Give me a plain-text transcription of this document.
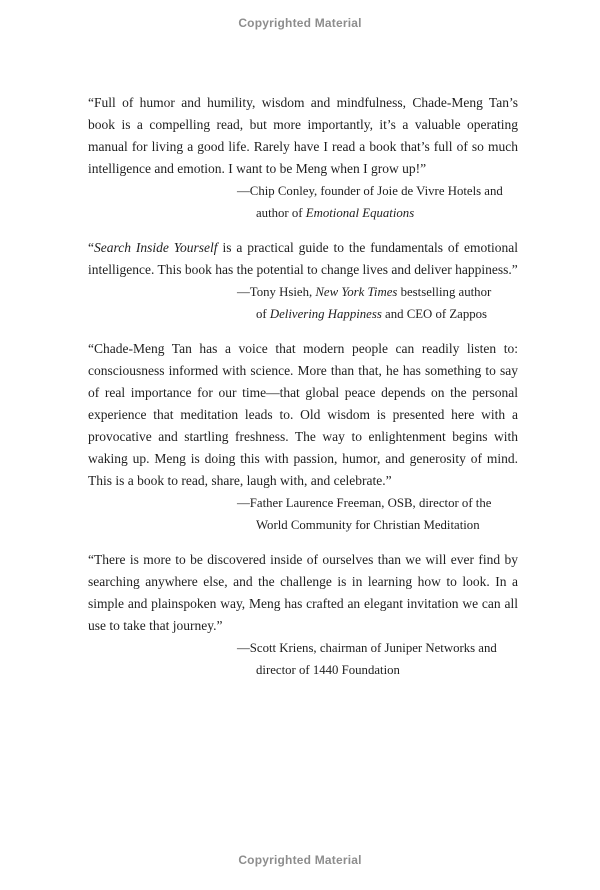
Copyrighted Material

“Full of humor and humility, wisdom and mindfulness, Chade-Meng Tan’s book is a compelling read, but more importantly, it’s a valuable operating manual for living a good life. Rarely have I read a book that’s full of so much intelligence and emotion. I want to be Meng when I grow up!”

—Chip Conley, founder of Joie de Vivre Hotels and
author of Emotional Equations

“Search Inside Yourself is a practical guide to the fundamentals of emotional intelligence. This book has the potential to change lives and deliver happiness.”

—Tony Hsieh, New York Times bestselling author
of Delivering Happiness and CEO of Zappos

“Chade-Meng Tan has a voice that modern people can readily listen to: consciousness informed with science. More than that, he has something to say of real importance for our time—that global peace depends on the personal experience that meditation leads to. Old wisdom is presented here with a provocative and startling freshness. The way to enlightenment begins with waking up. Meng is doing this with passion, humor, and generosity of mind. This is a book to read, share, laugh with, and celebrate.”

—Father Laurence Freeman, OSB, director of the
World Community for Christian Meditation

“There is more to be discovered inside of ourselves than we will ever find by searching anywhere else, and the challenge is in learning how to look. In a simple and plainspoken way, Meng has crafted an elegant invitation we can all use to take that journey.”

—Scott Kriens, chairman of Juniper Networks and
director of 1440 Foundation
Copyrighted Material
